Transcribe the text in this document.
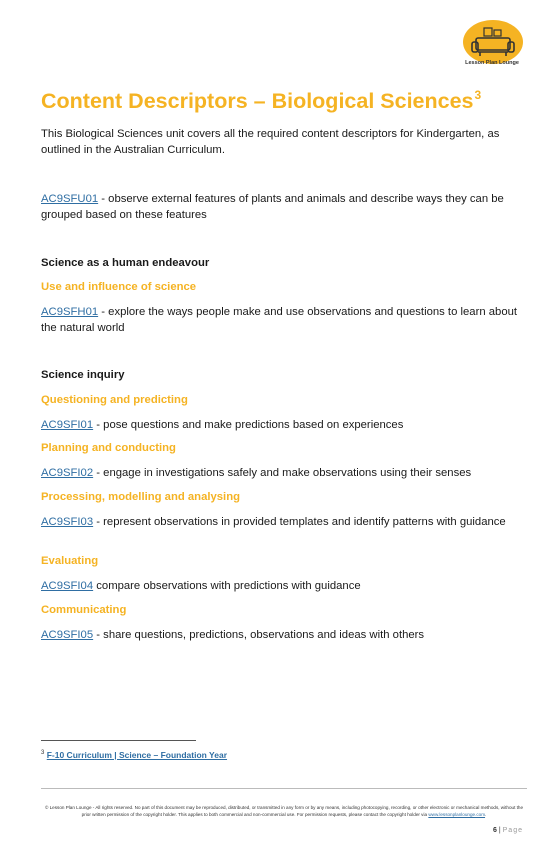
Lesson Plan Lounge
Content Descriptors – Biological Sciences$^3$
This Biological Sciences unit covers all the required content descriptors for Kindergarten, as outlined in the Australian Curriculum.
AC9SFU01 - observe external features of plants and animals and describe ways they can be grouped based on these features
Science as a human endeavour
Use and influence of science
AC9SFH01 - explore the ways people make and use observations and questions to learn about the natural world
Science inquiry
Questioning and predicting
AC9SFI01 - pose questions and make predictions based on experiences
Planning and conducting
AC9SFI02 - engage in investigations safely and make observations using their senses
Processing, modelling and analysing
AC9SFI03 - represent observations in provided templates and identify patterns with guidance
Evaluating
AC9SFI04 compare observations with predictions with guidance
Communicating
AC9SFI05 - share questions, predictions, observations and ideas with others
$^3$ F-10 Curriculum | Science – Foundation Year
© Lesson Plan Lounge - All rights reserved. No part of this document may be reproduced, distributed, or transmitted in any form or by any means, including photocopying, recording, or other electronic or mechanical methods, without the prior written permission of the copyright holder. This applies to both commercial and non-commercial use. For permission requests, please contact the copyright holder via www.lessonplanlounge.com.
6 | Page
